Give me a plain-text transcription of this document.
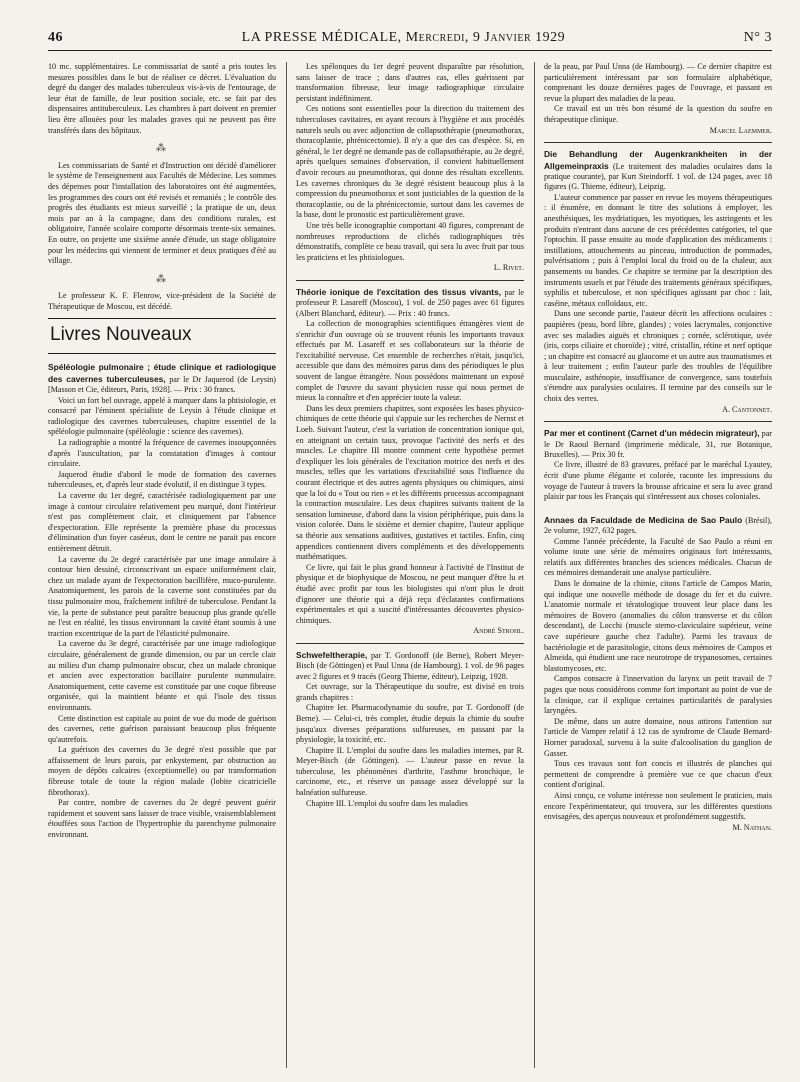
46	LA PRESSE MÉDICALE, Mercredi, 9 Janvier 1929	N° 3

10 mc. supplémentaires. Le commissariat de santé a pris toutes les mesures possibles dans le but de réaliser ce décret. L'évaluation du degré du danger des malades tuberculeux vis-à-vis de l'entourage, de leur état de famille, de leur position sociale, etc. se fait par des dispensaires antituberculeux. Les chambres à part doivent en premier lieu être allouées pour les malades graves qui ne peuvent pas être transférés dans des hôpitaux.

⁂

Les commissariats de Santé et d'Instruction ont décidé d'améliorer le système de l'enseignement aux Facultés de Médecine. Les sommes des dépenses pour l'installation des laboratoires ont été augmentées, les programmes des cours ont été revisés et remaniés ; le contrôle des progrès des étudiants est mieux surveillé ; la pratique de un, deux mois par an à la campagne, dans des conditions rurales, est obligatoire, l'année scolaire comporte désormais trente-six semaines. En outre, on projette une sixième année d'étude, un stage obligatoire pour les médecins qui viennent de terminer et deux pratiques d'été au village.

⁂

Le professeur K. F. Flenrow, vice-président de la Société de Thérapeutique de Moscou, est décédé.

Livres Nouveaux

Spéléologie pulmonaire ; étude clinique et radiologique des cavernes tuberculeuses, par le Dr Jaquerod (de Leysin) [Masson et Cie, éditeurs, Paris, 1928]. — Prix : 30 francs.

Voici un fort bel ouvrage, appelé à marquer dans la phtisiologie, et consacré par l'éminent spécialiste de Leysin à l'étude clinique et radiologique des cavernes tuberculeuses, chapitre essentiel de la spéléologie pulmonaire (spéléologie : science des cavernes).

La radiographie a montré la fréquence de cavernes insoupçonnées d'après l'auscultation, par la constatation d'images à contour circulaire.

Jaquerod étudie d'abord le mode de formation des cavernes tuberculeuses, et, d'après leur stade évolutif, il en distingue 3 types.

La caverne du 1er degré, caractérisée radiologiquement par une image à contour circulaire relativement peu marqué, dont l'intérieur n'est pas complètement clair, et cliniquement par l'absence d'expectoration. Elle représente la première phase du processus d'élimination d'un foyer caséeux, dont le centre ne parait pas encore entièrement détruit.

La caverne du 2e degré caractérisée par une image annulaire à contour bien dessiné, circonscrivant un espace uniformément clair, chez un malade ayant de l'expectoration bacillifère, muco-purulente. Anatomiquement, les parois de la caverne sont constituées par du tissu pulmonaire mou, fraîchement infiltré de tuberculose. Pendant la vie, la perte de substance peut paraître beaucoup plus grande qu'elle ne l'est en réalité, les tissus environnant la cavité étant soumis à une traction excentrique de la part de l'élasticité pulmonaire.

La caverne du 3e degré, caractérisée par une image radiologique circulaire, généralement de grande dimension, ou par un cercle clair au milieu d'un champ pulmonaire obscur, chez un malade chronique et ancien avec expectoration bacillaire purulente nummulaire. Anatomiquement, cette caverne est constituée par une coque fibreuse organisée, qui la maintient béante et qui l'isole des tissus environnants.

Cette distinction est capitale au point de vue du mode de guérison des cavernes, cette guérison paraissant beaucoup plus fréquente qu'autrefois.

La guérison des cavernes du 3e degré n'est possible que par affaissement de leurs parois, par enkystement, par obstruction au moyen de dépôts calcaires (exceptionnelle) ou par transformation fibreuse totale de toute la région malade (lobite cicatricielle fibrothorax).

Par contre, nombre de cavernes du 2e degré peuvent guérir rapidement et souvent sans laisser de trace visible, vraisemblablement étouffées sous l'action de l'hypertrophie du parenchyme pulmonaire environnant.

Les spélonques du 1er degré peuvent disparaître par résolution, sans laisser de trace ; dans d'autres cas, elles guérissent par transformation fibreuse, leur image radiographique circulaire persistant indéfiniment.

Ces notions sont essentielles pour la direction du traitement des tuberculoses cavitaires, en ayant recours à l'hygiène et aux procédés naturels seuls ou avec adjonction de collapsothérapie (pneumothorax, thoracoplastie, phrénicectomie). Il n'y a que des cas d'espèce. Si, en général, le 1er degré ne demande pas de collapsothérapie, au 2e degré, après quelques semaines d'observation, il convient habituellement d'avoir recours au pneumothorax, qui donne des résultats excellents. Les cavernes chroniques du 3e degré résistent beaucoup plus à la compression du pneumothorax et sont justiciables de la question de la thoracoplastie, ou de la phrénicectomie, surtout dans les cavernes de la base, dont le pronostic est particulièrement grave.

Une très belle iconographie comportant 40 figures, comprenant de nombreuses reproductions de clichés radiographiques très démonstratifs, complète ce beau travail, qui sera lu avec fruit par tous les praticiens et les phtisiologues.

L. Rivet.

Théorie ionique de l'excitation des tissus vivants, par le professeur P. Lasareff (Moscou), 1 vol. de 250 pages avec 61 figures (Albert Blanchard, éditeur). — Prix : 40 francs.

La collection de monographies scientifiques étrangères vient de s'enrichir d'un ouvrage où se trouvent réunis les importants travaux effectués par M. Lasareff et ses collaborateurs sur la théorie de l'excitabilité nerveuse. Cet ensemble de recherches n'était, jusqu'ici, accessible que dans des mémoires parus dans des périodiques le plus souvent de langue étrangère. Nous possédons maintenant un exposé complet de l'œuvre du savant physicien russe qui nous permet de mieux la connaître et d'en apprécier toute la valeur.

Dans les deux premiers chapitres, sont exposées les bases physico-chimiques de cette théorie qui s'appuie sur les recherches de Nernst et Loeb. Suivant l'auteur, c'est la variation de concentration ionique qui, en atteignant un certain taux, provoque l'activité des nerfs et des muscles. Le chapitre III montre comment cette hypothèse permet d'expliquer les lois générales de l'excitation motrice des nerfs et des muscles, telles que les variations d'excitabilité sous l'influence du courant électrique et des autres agents physiques ou chimiques, ainsi que la loi du « Tout ou rien » et les différents processus accompagnant la contraction musculaire. Les deux chapitres suivants traitent de la sensation lumineuse, d'abord dans la vision périphérique, puis dans la vision colorée. Dans le sixième et dernier chapitre, l'auteur applique sa théorie aux sensations auditives, gustatives et tactiles. Enfin, cinq appendices contiennent divers compléments et des développements mathématiques.

Ce livre, qui fait le plus grand honneur à l'activité de l'Institut de physique et de biophysique de Moscou, ne peut manquer d'être lu et étudié avec profit par tous les biologistes qui n'ont plus le droit d'ignorer une théorie qui a déjà reçu d'éclatantes confirmations expérimentales et qui a suscité d'intéressantes découvertes physico-chimiques.

André Strohl.

Schwefeltherapie, par T. Gordonoff (de Berne), Robert Meyer-Bisch (de Göttingen) et Paul Unna (de Hambourg). 1 vol. de 96 pages avec 2 figures et 9 tracés (Georg Thieme, éditeur), Leipzig, 1928.

Cet ouvrage, sur la Thérapeutique du soufre, est divisé en trois grands chapitres :

Chapitre Ier. Pharmacodynamie du soufre, par T. Gordonoff (de Berne). — Celui-ci, très complet, étudie depuis la chimie du soufre jusqu'aux diverses préparations sulfureuses, en passant par la physiologie, la toxicité, etc.

Chapitre II. L'emploi du soufre dans les maladies internes, par R. Meyer-Bisch (de Göttingen). — L'auteur passe en revue la tuberculose, les phénomènes d'arthrite, l'asthme bronchique, le carcinome, etc., et réserve un passage assez développé sur la balnéation sulfureuse.

Chapitre III. L'emploi du soufre dans les maladies

de la peau, par Paul Unna (de Hambourg). — Ce dernier chapitre est particulièrement intéressant par son formulaire alphabétique, comprenant les douze dernières pages de l'ouvrage, et passant en revue la plupart des maladies de la peau.

Ce travail est un très bon résumé de la question du soufre en thérapeutique clinique.

Marcel Laemmer.

Die Behandlung der Augenkrankheiten in der Allgemeinpraxis (Le traitement des maladies oculaires dans la pratique courante), par Kurt Steindorff. 1 vol. de 124 pages, avec 18 figures (G. Thieme, éditeur), Leipzig.

L'auteur commence par passer en revue les moyens thérapeutiques : il énumère, en donnant le titre des solutions à employer, les anesthésiques, les mydriatiques, les myotiques, les astringents et les produits n'entrant dans aucune de ces précédentes catégories, tel que l'optochin. Il passe ensuite au mode d'application des médicaments : instillations, attouchements au pinceau, introduction de pommades, pulvérisations ; puis à l'emploi local du froid ou de la chaleur, aux pansements ou bandes. Ce chapitre se termine par la description des instruments usuels et par l'étude des traitements généraux spécifiques, syphilis et tuberculose, et non spécifiques agissant par choc : lait, caséine, métaux colloïdaux, etc.

Dans une seconde partie, l'auteur décrit les affections oculaires : paupières (peau, bord libre, glandes) ; voies lacrymales, conjonctive avec ses maladies aiguës et chroniques ; cornée, sclérotique, uvée (iris, corps ciliaire et choroïde) ; vitré, cristallin, rétine et nerf optique ; un chapitre est consacré au glaucome et un autre aux traumatismes et à leur traitement ; enfin l'auteur parle des troubles de l'équilibre musculaire, asthénopie, insuffisance de convergence, sans toutefois s'étendre aux paralysies oculaires. Il termine par des conseils sur le choix des verres.

A. Cantonnet.

Par mer et continent (Carnet d'un médecin migrateur), par le Dr Raoul Bernard (imprimerie médicale, 31, rue Botanique, Bruxelles). — Prix 30 fr.

Ce livre, illustré de 83 gravures, préfacé par le maréchal Lyautey, écrit d'une plume élégante et colorée, raconte les impressions du voyage de l'auteur à travers la brousse africaine et sera lu avec grand plaisir par tous les Français qui s'intéressent aux choses coloniales.

Annaes da Faculdade de Medicina de Sao Paulo (Brésil), 2e volume, 1927, 632 pages.

Comme l'année précédente, la Faculté de Sao Paulo a réuni en volume toute une série de mémoires originaux fort intéressants, relatifs aux différentes branches des sciences médicales. Chacun de ces mémoires demanderait une analyse particulière.

Dans le domaine de la chimie, citons l'article de Campos Marin, qui indique une nouvelle méthode de dosage du fer et du cuivre. L'anatomie normale et tératologique trouvent leur place dans les mémoires de Bovero (anomalies du côlon transverse et du côlon descendant), de Locchi (muscle sterno-claviculaire supérieur, veine cave supérieure gauche chez l'adulte). Parmi les travaux de bactériologie et de parasitologie, citons deux mémoires de Campos et Almeida, qui étudient une race neurotrope de trypanosomes, certaines blastomycoses, etc.

Campos consacre à l'innervation du larynx un petit travail de 7 pages que nous considérons comme fort important au point de vue de la clinique, car il explique certaines particularités de paralysies laryngées.

De même, dans un autre domaine, nous attirons l'attention sur l'article de Vampre relatif à 12 cas de syndrome de Claude Bernard-Horner paradoxal, survenu à la suite d'alcoolisation du ganglion de Gasser.

Tous ces travaux sont fort concis et illustrés de planches qui permettent de comprendre à première vue ce que chacun d'eux contient d'original.

Ainsi conçu, ce volume intéresse non seulement le praticien, mais encore l'expérimentateur, qui trouvera, sur les différentes questions envisagées, des aperçus nouveaux et profondément suggestifs.

M. Nathan.
